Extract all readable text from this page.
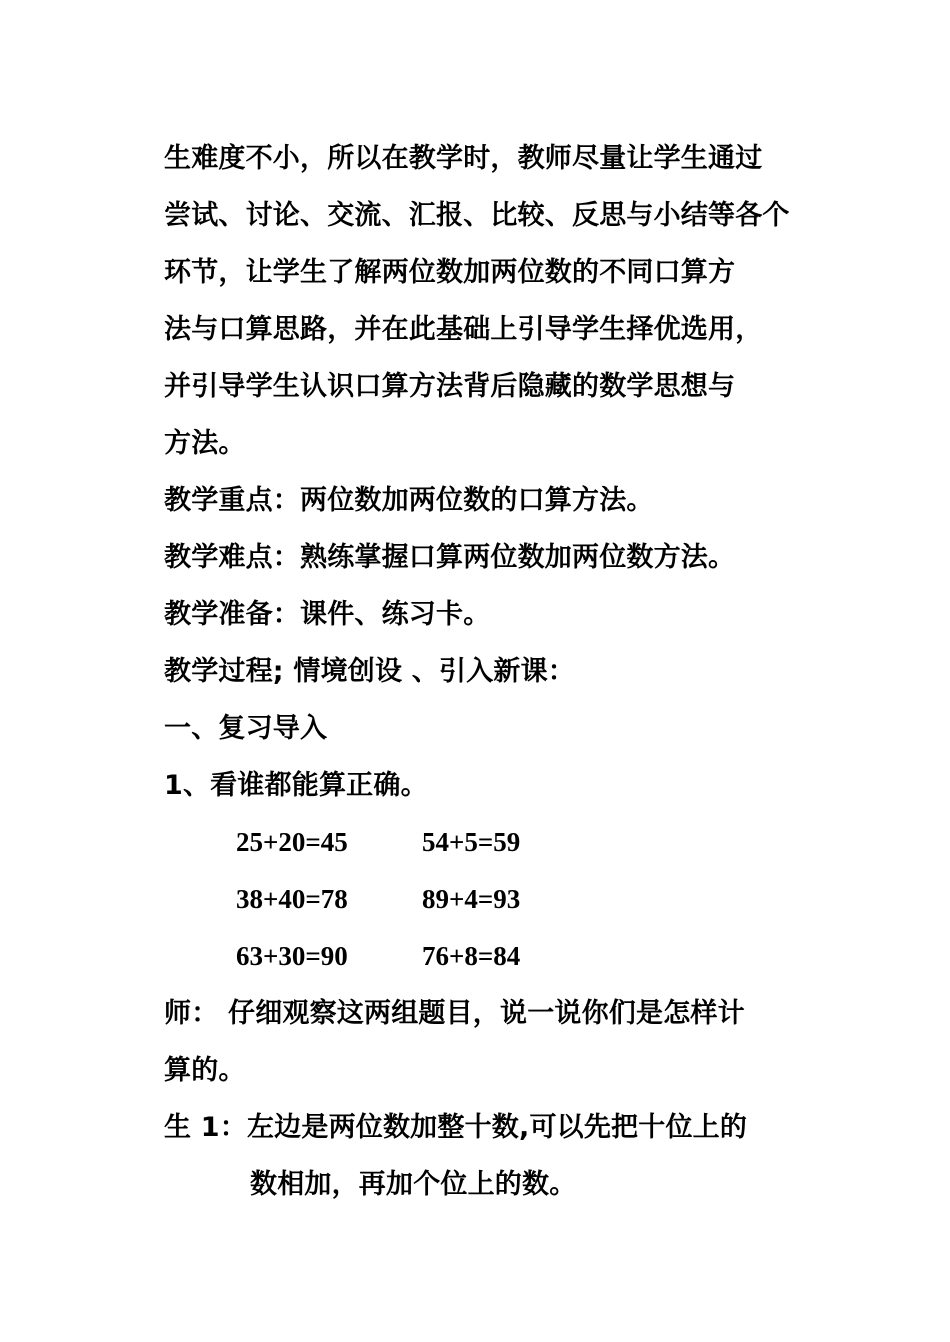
生难度不小，所以在教学时，教师尽量让学生通过
尝试、讨论、交流、汇报、比较、反思与小结等各个
环节，让学生了解两位数加两位数的不同口算方
法与口算思路，并在此基础上引导学生择优选用，
并引导学生认识口算方法背后隐藏的数学思想与
方法。
教学重点：两位数加两位数的口算方法。
教学难点：熟练掌握口算两位数加两位数方法。
教学准备：课件、练习卡。
教学过程; 情境创设 、引入新课：
一、复习导入
1、看谁都能算正确。
25+20=45	54+5=59
38+40=78	89+4=93
63+30=90	76+8=84
师： 仔细观察这两组题目，说一说你们是怎样计
算的。
生 1：左边是两位数加整十数,可以先把十位上的
数相加，再加个位上的数。
